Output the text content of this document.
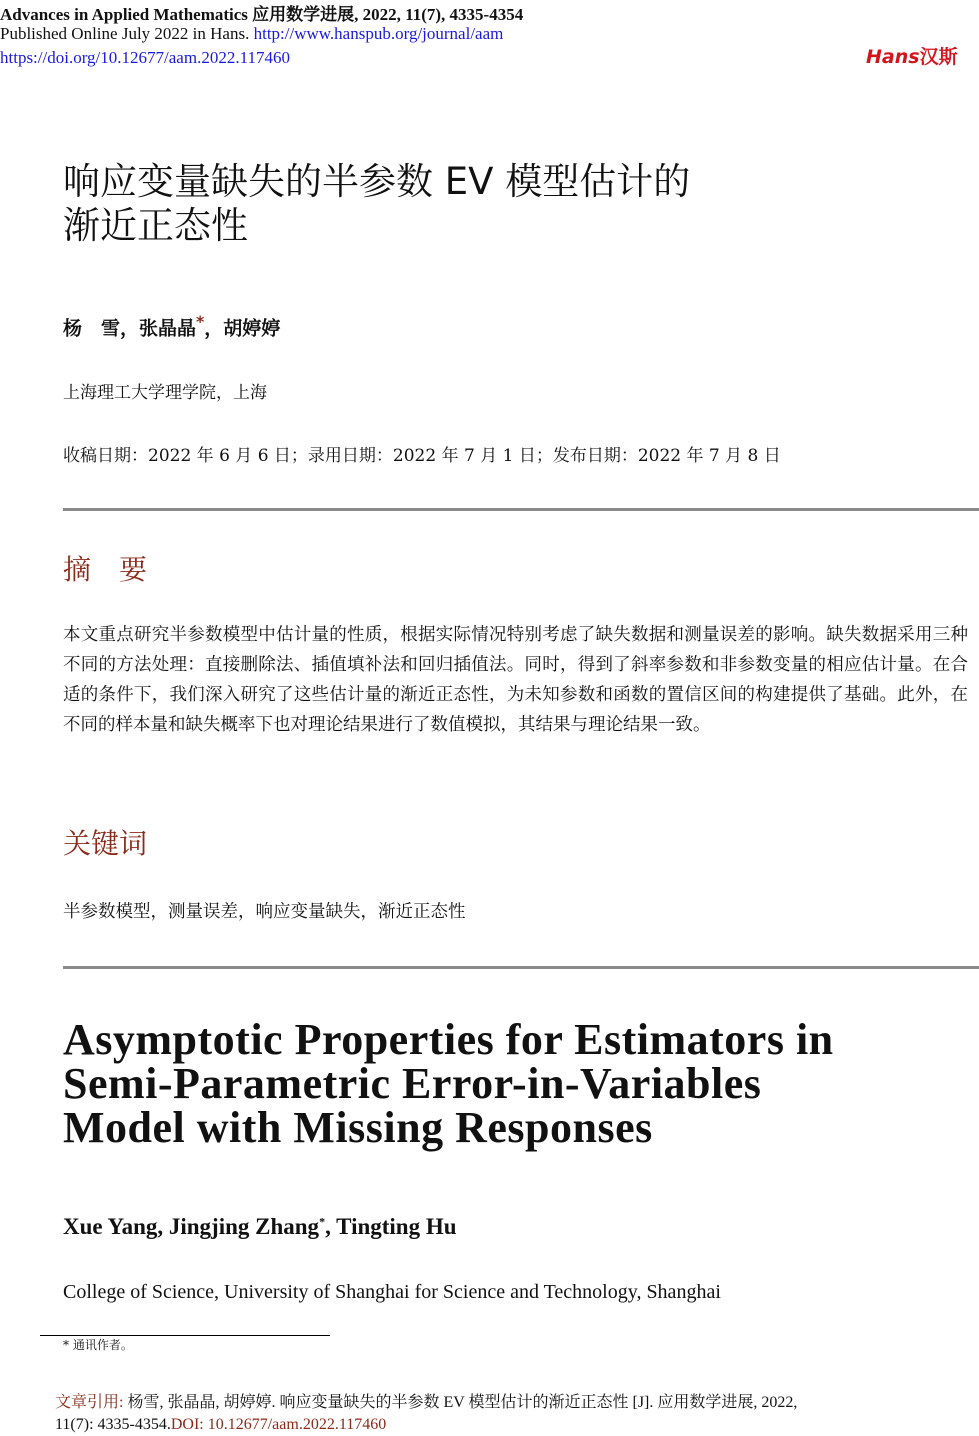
Advances in Applied Mathematics 应用数学进展, 2022, 11(7), 4335-4354
Published Online July 2022 in Hans. http://www.hanspub.org/journal/aam
https://doi.org/10.12677/aam.2022.117460	Hans汉斯
响应变量缺失的半参数 EV 模型估计的
渐近正态性
杨　雪，张晶晶*，胡婷婷
上海理工大学理学院，上海
收稿日期：2022 年 6 月 6 日；录用日期：2022 年 7 月 1 日；发布日期：2022 年 7 月 8 日
摘　要
本文重点研究半参数模型中估计量的性质，根据实际情况特别考虑了缺失数据和测量误差的影响。缺失数据采用三种不同的方法处理：直接删除法、插值填补法和回归插值法。同时，得到了斜率参数和非参数变量的相应估计量。在合适的条件下，我们深入研究了这些估计量的渐近正态性，为未知参数和函数的置信区间的构建提供了基础。此外，在不同的样本量和缺失概率下也对理论结果进行了数值模拟，其结果与理论结果一致。
关键词
半参数模型，测量误差，响应变量缺失，渐近正态性
Asymptotic Properties for Estimators in
Semi-Parametric Error-in-Variables
Model with Missing Responses
Xue Yang, Jingjing Zhang*, Tingting Hu
College of Science, University of Shanghai for Science and Technology, Shanghai
* 通讯作者。
文章引用: 杨雪, 张晶晶, 胡婷婷. 响应变量缺失的半参数 EV 模型估计的渐近正态性 [J]. 应用数学进展, 2022,
11(7): 4335-4354.DOI: 10.12677/aam.2022.117460
